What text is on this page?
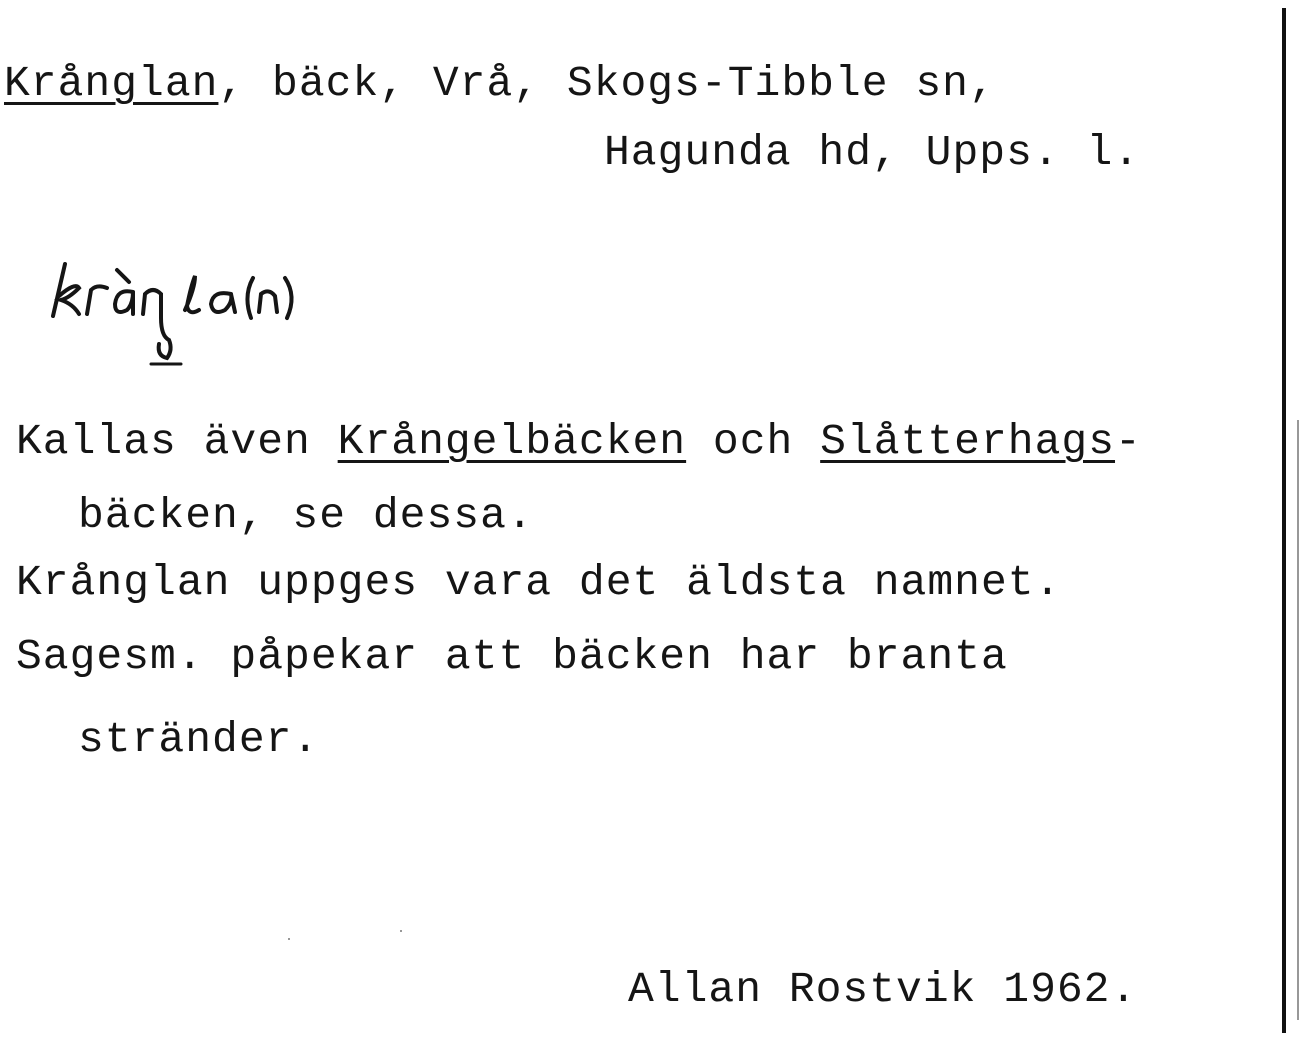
Krånglan, bäck, Vrå, Skogs-Tibble sn,
Hagunda hd, Upps. l.
Kallas även Krångelbäcken och Slåtterhags-
bäcken, se dessa.
Krånglan uppges vara det äldsta namnet.
Sagesm. påpekar att bäcken har branta
stränder.
Allan Rostvik 1962.
